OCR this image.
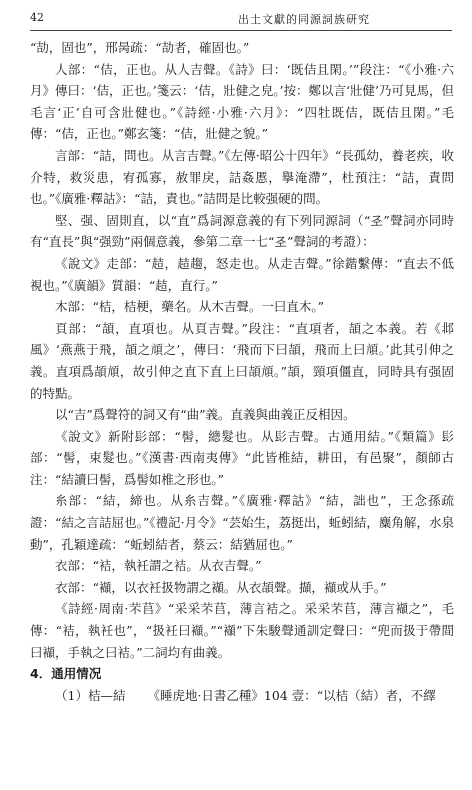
42	出土文獻的同源詞族研究

“劼，固也”，邢昺疏：“劼者，確固也。”

人部：“佶，正也。从人吉聲。《詩》曰：‘既佶且閑。’”段注：“《小雅·六月》傳曰：‘佶，正也。’箋云：‘佶，壯健之皃。’按：鄭以言‘壯健’乃可見馬，但毛言‘正’自可含壯健也。”《詩經·小雅·六月》：“四牡既佶，既佶且閑。”毛傳：“佶，正也。”鄭玄箋：“佶，壯健之貌。”

言部：“詰，問也。从言吉聲。”《左傳·昭公十四年》“長孤幼，養老疾，收介特，救災患，宥孤寡，赦罪戾，詰姦慝，擧淹滯”，杜預注：“詰，責問也。”《廣雅·釋詁》：“詰，責也。”詰問是比較强硬的問。

堅、强、固則直，以“直”爲詞源意義的有下列同源詞（“𢀖”聲詞亦同時有“直長”與“强勁”兩個意義，參第二章一七“𢀖”聲詞的考證）：

《說文》走部：“趌，趌趨，怒走也。从走吉聲。”徐鍇繫傳：“直去不低視也。”《廣韻》質韻：“趌，直行。”

木部：“桔，桔梗，藥名。从木吉聲。一曰直木。”

頁部：“頡，直項也。从頁吉聲。”段注：“直項者，頡之本義。若《邶風》‘燕燕于飛，頡之頏之’，傳曰：‘飛而下曰頡，飛而上曰頏。’此其引伸之義。直項爲頡頏，故引伸之直下直上曰頡頏。”頡，頸項僵直，同時具有强固的特點。

以“吉”爲聲符的詞又有“曲”義。直義與曲義正反相因。

《說文》新附髟部：“髻，總髮也。从髟吉聲。古通用結。”《類篇》髟部：“髻，束髮也。”《漢書·西南夷傳》“此皆椎結，耕田，有邑聚”，顏師古注：“結讀曰髻，爲髻如椎之形也。”

糸部：“結，締也。从糸吉聲。”《廣雅·釋詁》“結，詘也”，王念孫疏證：“結之言詰屈也。”《禮記·月令》“芸始生，荔挺出，蚯蚓結，麋角解，水泉動”，孔穎達疏：“蚯蚓結者，蔡云：結猶屈也。”

衣部：“袺，執衽謂之袺。从衣吉聲。”

衣部：“襭，以衣衽扱物謂之襭。从衣頡聲。擷，襭或从手。”

《詩經·周南·芣苢》“采采芣苢，薄言袺之。采采芣苢，薄言襭之”，毛傳：“袺，執衽也”，“扱衽曰襭。”“襭”下朱駿聲通訓定聲曰：“兜而扱于帶間曰襭，手執之曰袺。”二詞均有曲義。

4．通用情况

（1）桔—結 《睡虎地·日書乙種》104 壹：“以桔（結）者，不繹
